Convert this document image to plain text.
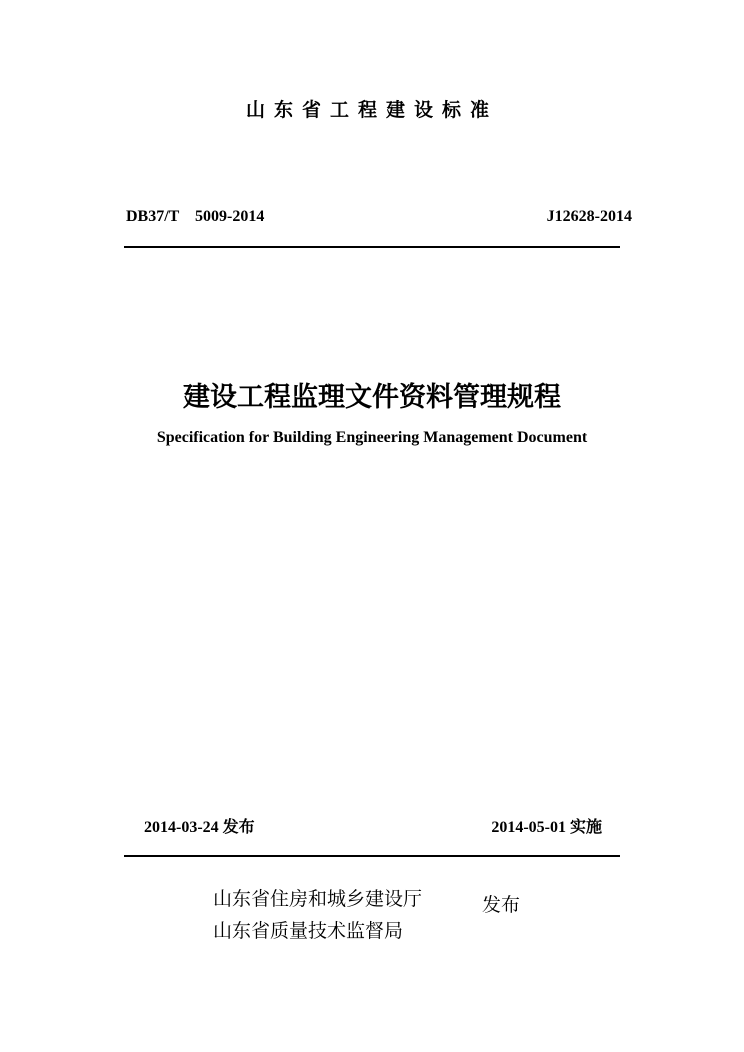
山东省工程建设标准
DB37/T    5009-2014	J12628-2014
建设工程监理文件资料管理规程
Specification for Building Engineering Management Document
2014-03-24 发布	2014-05-01 实施
山东省住房和城乡建设厅
山东省质量技术监督局
发布
